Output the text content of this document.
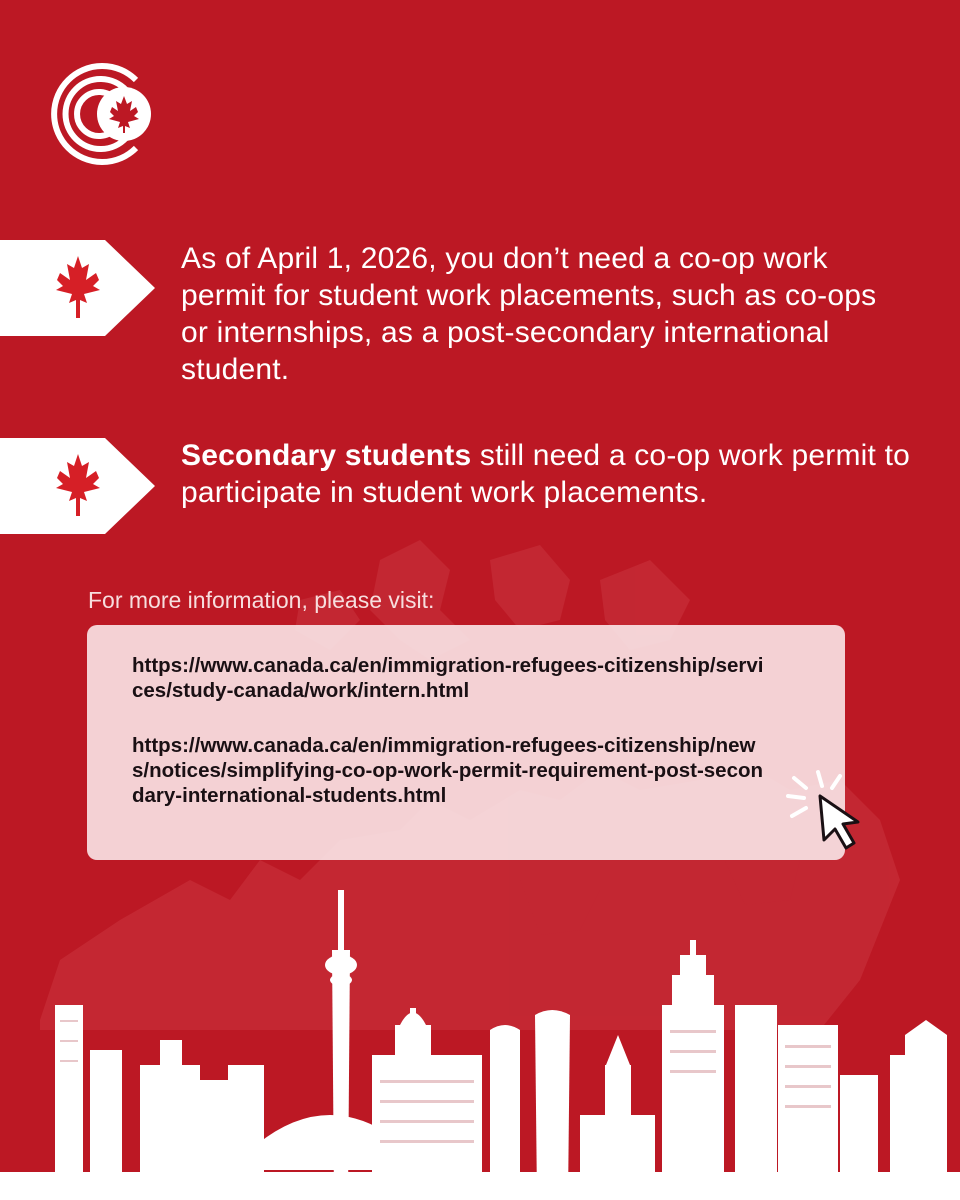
As of April 1, 2026, you don’t need a co-op work permit for student work placements, such as co-ops or internships, as a post-secondary international student.
Secondary students still need a co-op work permit to participate in student work placements.
For more information, please visit:
https://www.canada.ca/en/immigration-refugees-citizenship/services/study-canada/work/intern.html
https://www.canada.ca/en/immigration-refugees-citizenship/news/notices/simplifying-co-op-work-permit-requirement-post-secondary-international-students.html
